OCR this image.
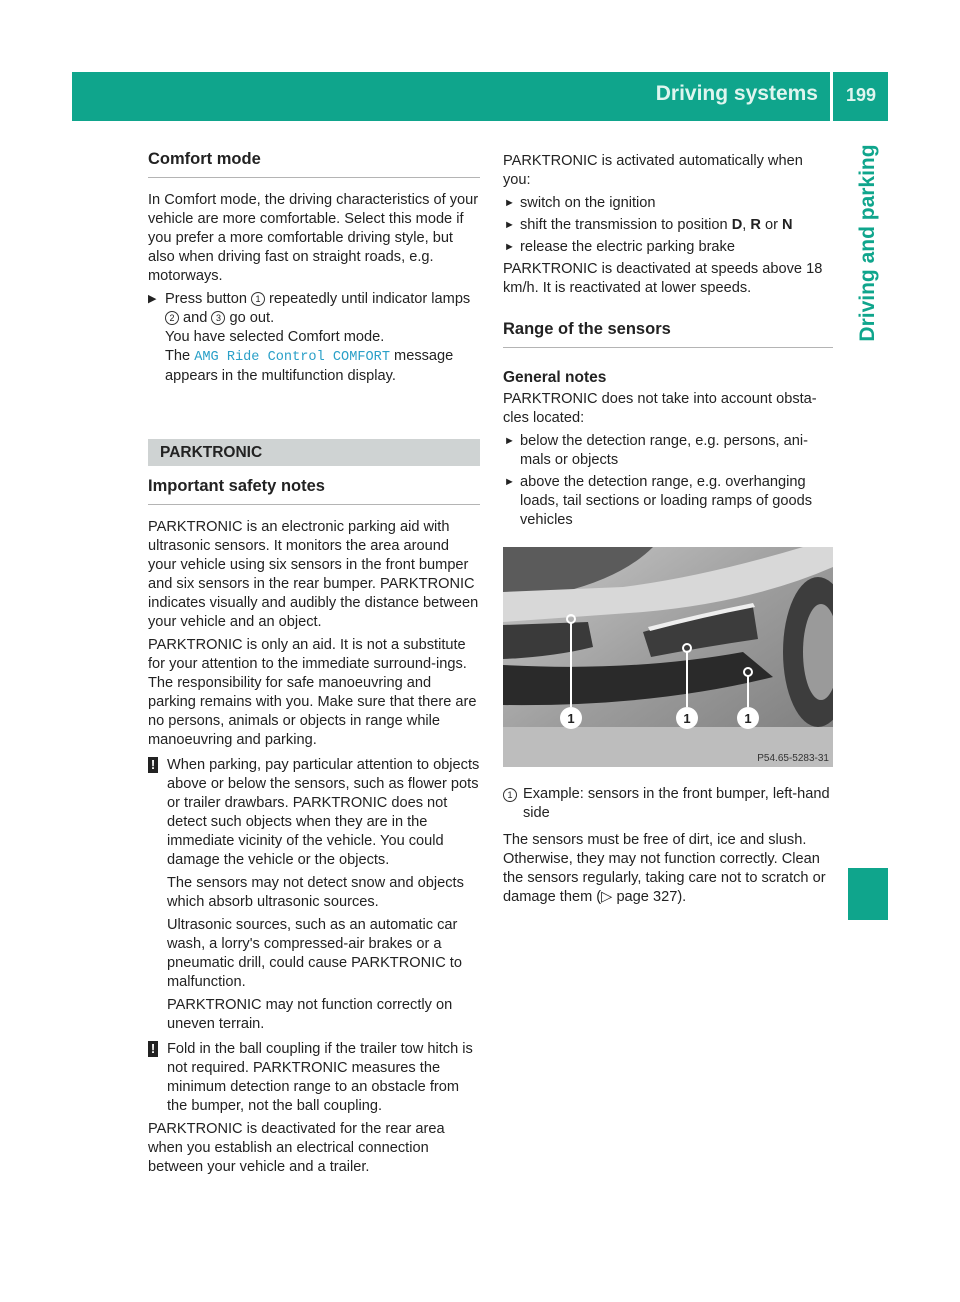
Driving systems	199
Driving and parking
Comfort mode

In Comfort mode, the driving characteristics of your vehicle are more comfortable. Select this mode if you prefer a more comfortable driving style, but also when driving fast on straight roads, e.g. motorways.

▶ Press button 1 repeatedly until indicator lamps 2 and 3 go out.
You have selected Comfort mode.
The AMG Ride Control COMFORT message appears in the multifunction display.
PARKTRONIC
Important safety notes

PARKTRONIC is an electronic parking aid with ultrasonic sensors. It monitors the area around your vehicle using six sensors in the front bumper and six sensors in the rear bumper. PARKTRONIC indicates visually and audibly the distance between your vehicle and an object.

PARKTRONIC is only an aid. It is not a substitute for your attention to the immediate surround-ings. The responsibility for safe manoeuvring and parking remains with you. Make sure that there are no persons, animals or objects in range while manoeuvring and parking.

! When parking, pay particular attention to objects above or below the sensors, such as flower pots or trailer drawbars. PARKTRONIC does not detect such objects when they are in the immediate vicinity of the vehicle. You could damage the vehicle or the objects.

The sensors may not detect snow and objects which absorb ultrasonic sources.

Ultrasonic sources, such as an automatic car wash, a lorry's compressed-air brakes or a pneumatic drill, could cause PARKTRONIC to malfunction.

PARKTRONIC may not function correctly on uneven terrain.

! Fold in the ball coupling if the trailer tow hitch is not required. PARKTRONIC measures the minimum detection range to an obstacle from the bumper, not the ball coupling.

PARKTRONIC is deactivated for the rear area when you establish an electrical connection between your vehicle and a trailer.

PARKTRONIC is activated automatically when you:

► switch on the ignition
► shift the transmission to position D, R or N
► release the electric parking brake

PARKTRONIC is deactivated at speeds above 18 km/h. It is reactivated at lower speeds.

Range of the sensors
General notes

PARKTRONIC does not take into account obsta-cles located:

► below the detection range, e.g. persons, ani-mals or objects
► above the detection range, e.g. overhanging loads, tail sections or loading ramps of goods vehicles
1	1	1
P54.65-5283-31
1 Example: sensors in the front bumper, left-hand side

The sensors must be free of dirt, ice and slush. Otherwise, they may not function correctly. Clean the sensors regularly, taking care not to scratch or damage them (▷ page 327).
